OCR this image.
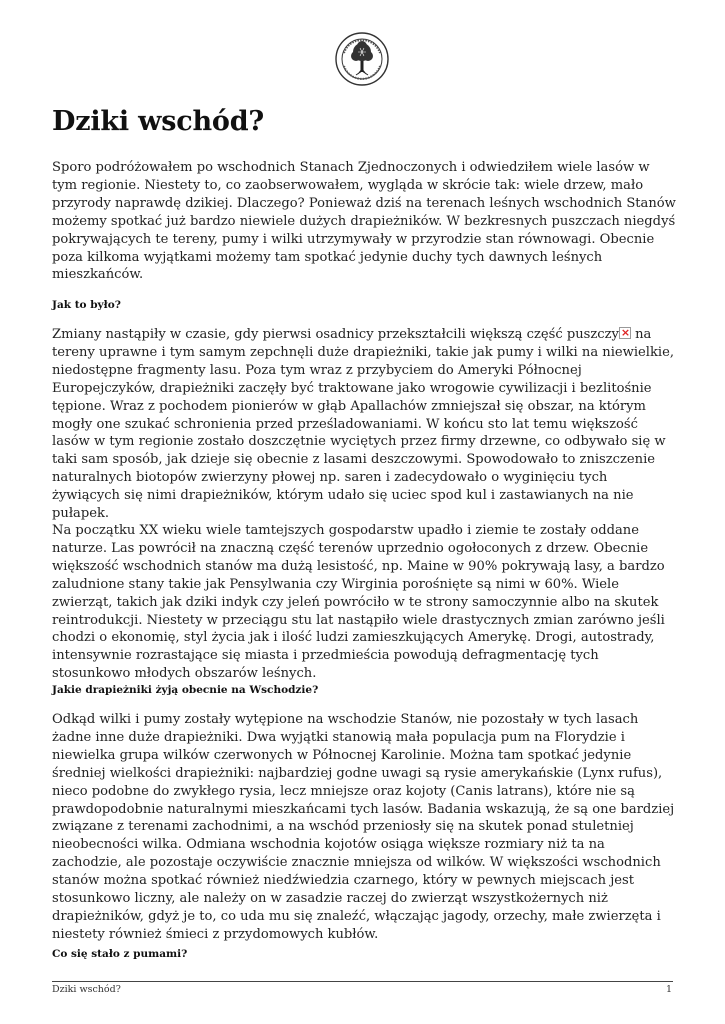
Dziki wschód?

Sporo podróżowałem po wschodnich Stanach Zjednoczonych i odwiedziłem wiele lasów w tym regionie. Niestety to, co zaobserwowałem, wygląda w skrócie tak: wiele drzew, mało przyrody naprawdę dzikiej. Dlaczego? Ponieważ dziś na terenach leśnych wschodnich Stanów możemy spotkać już bardzo niewiele dużych drapieżników. W bezkresnych puszczach niegdyś pokrywających te tereny, pumy i wilki utrzymywały w przyrodzie stan równowagi. Obecnie poza kilkoma wyjątkami możemy tam spotkać jedynie duchy tych dawnych leśnych mieszkańców.

Jak to było?

Zmiany nastąpiły w czasie, gdy pierwsi osadnicy przekształcili większą część puszczy× na tereny uprawne i tym samym zepchnęli duże drapieżniki, takie jak pumy i wilki na niewielkie, niedostępne fragmenty lasu. Poza tym wraz z przybyciem do Ameryki Północnej Europejczyków, drapieżniki zaczęły być traktowane jako wrogowie cywilizacji i bezlitośnie tępione. Wraz z pochodem pionierów w głąb Apallachów zmniejszał się obszar, na którym mogły one szukać schronienia przed prześladowaniami. W końcu sto lat temu większość lasów w tym regionie zostało doszczętnie wyciętych przez firmy drzewne, co odbywało się w taki sam sposób, jak dzieje się obecnie z lasami deszczowymi. Spowodowało to zniszczenie naturalnych biotopów zwierzyny płowej np. saren i zadecydowało o wyginięciu tych żywiących się nimi drapieżników, którym udało się uciec spod kul i zastawianych na nie pułapek.

Na początku XX wieku wiele tamtejszych gospodarstw upadło i ziemie te zostały oddane naturze. Las powrócił na znaczną część terenów uprzednio ogołoconych z drzew. Obecnie większość wschodnich stanów ma dużą lesistość, np. Maine w 90% pokrywają lasy, a bardzo zaludnione stany takie jak Pensylwania czy Wirginia porośnięte są nimi w 60%. Wiele zwierząt, takich jak dziki indyk czy jeleń powróciło w te strony samoczynnie albo na skutek reintrodukcji. Niestety w przeciągu stu lat nastąpiło wiele drastycznych zmian zarówno jeśli chodzi o ekonomię, styl życia jak i ilość ludzi zamieszkujących Amerykę. Drogi, autostrady, intensywnie rozrastające się miasta i przedmieścia powodują defragmentację tych stosunkowo młodych obszarów leśnych.

Jakie drapieżniki żyją obecnie na Wschodzie?

Odkąd wilki i pumy zostały wytępione na wschodzie Stanów, nie pozostały w tych lasach żadne inne duże drapieżniki. Dwa wyjątki stanowią mała populacja pum na Florydzie i niewielka grupa wilków czerwonych w Północnej Karolinie. Można tam spotkać jedynie średniej wielkości drapieżniki: najbardziej godne uwagi są rysie amerykańskie (Lynx rufus), nieco podobne do zwykłego rysia, lecz mniejsze oraz kojoty (Canis latrans), które nie są prawdopodobnie naturalnymi mieszkańcami tych lasów. Badania wskazują, że są one bardziej związane z terenami zachodnimi, a na wschód przeniosły się na skutek ponad stuletniej nieobecności wilka. Odmiana wschodnia kojotów osiąga większe rozmiary niż ta na zachodzie, ale pozostaje oczywiście znacznie mniejsza od wilków. W większości wschodnich stanów można spotkać również niedźwiedzia czarnego, który w pewnych miejscach jest stosunkowo liczny, ale należy on w zasadzie raczej do zwierząt wszystkożernych niż drapieżników, gdyż je to, co uda mu się znaleźć, włączając jagody, orzechy, małe zwierzęta i niestety również śmieci z przydomowych kubłów.

Co się stało z pumami?

Dziki wschód?	1
